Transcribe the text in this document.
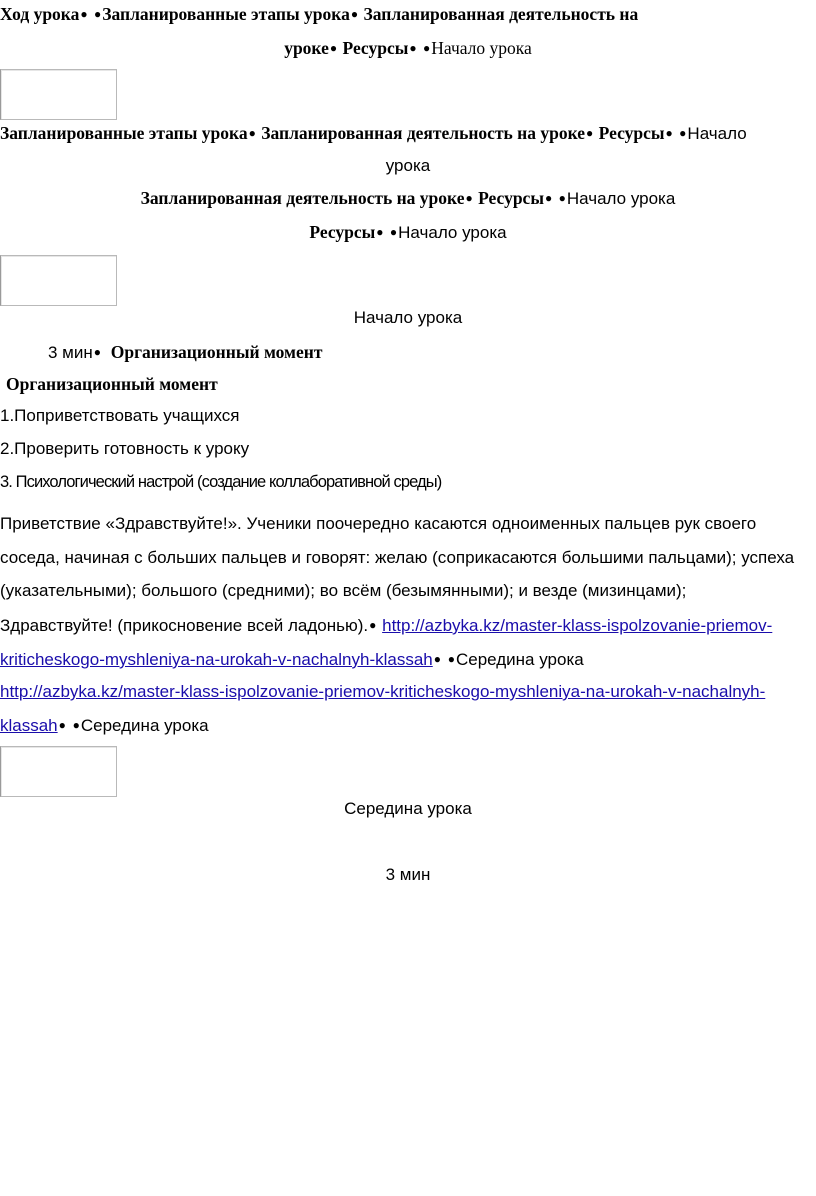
Ход урока● ●Запланированные этапы урока● Запланированная деятельность на
уроке● Ресурсы● ●Начало урока
Запланированные этапы урока● Запланированная деятельность на уроке● Ресурсы● ●Начало
урока
Запланированная деятельность на уроке● Ресурсы● ●Начало урока
Ресурсы● ●Начало урока
Начало урока
3 мин● Организационный момент
Организационный момент
1.Поприветствовать учащихся
2.Проверить готовность к уроку
3. Психологический настрой (создание коллаборативной среды)
Приветствие «Здравствуйте!». Ученики поочередно касаются одноименных пальцев рук своего
соседа, начиная с больших пальцев и говорят: желаю (соприкасаются большими пальцами); успеха
(указательными); большого (средними); во всём (безымянными); и везде (мизинцами);
Здравствуйте! (прикосновение всей ладонью).● http://azbyka.kz/master-klass-ispolzovanie-priemov-
kriticheskogo-myshleniya-na-urokah-v-nachalnyh-klassah● ●Середина урока
http://azbyka.kz/master-klass-ispolzovanie-priemov-kriticheskogo-myshleniya-na-urokah-v-nachalnyh-
klassah● ●Середина урока
Середина урока
3 мин
